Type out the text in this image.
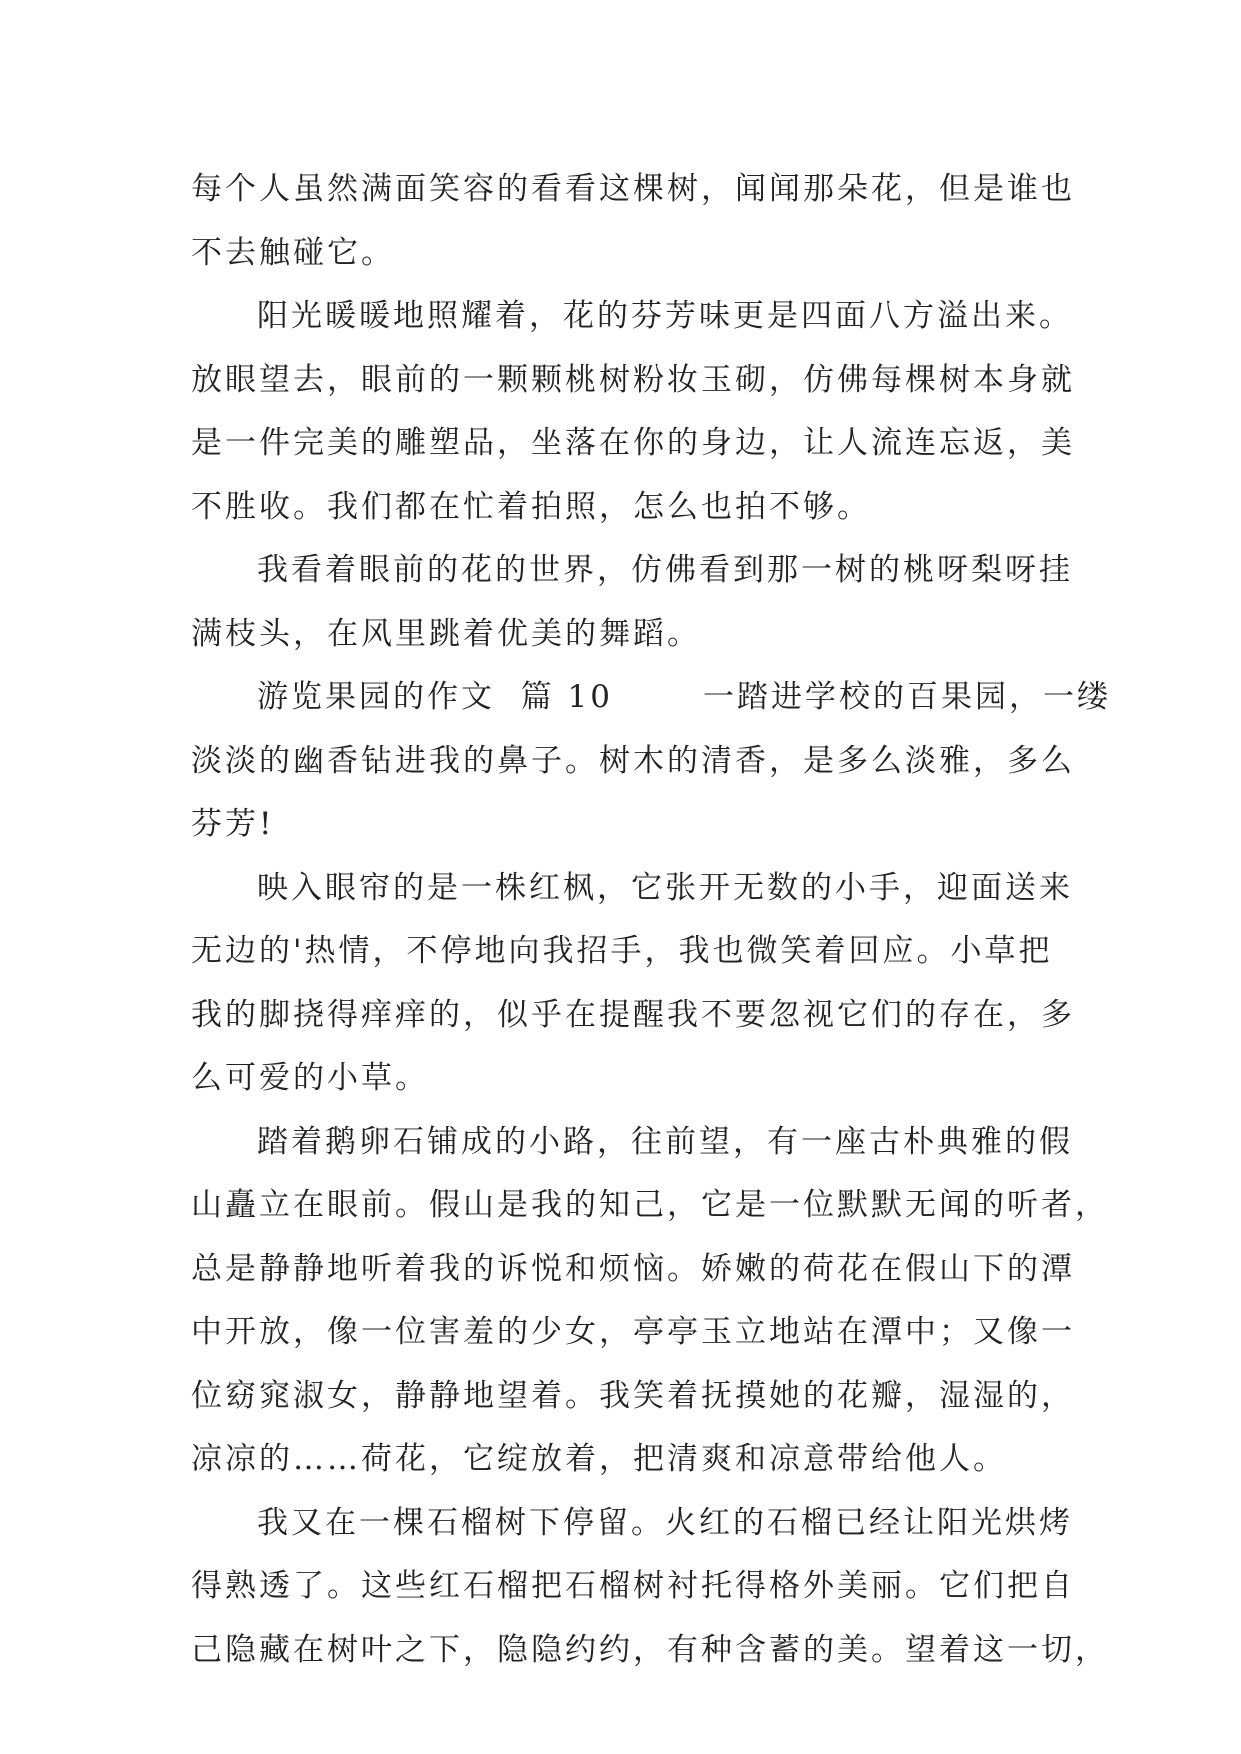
每个人虽然满面笑容的看看这棵树，闻闻那朵花，但是谁也
不去触碰它。
阳光暖暖地照耀着，花的芬芳味更是四面八方溢出来。
放眼望去，眼前的一颗颗桃树粉妆玉砌，仿佛每棵树本身就
是一件完美的雕塑品，坐落在你的身边，让人流连忘返，美
不胜收。我们都在忙着拍照，怎么也拍不够。
我看着眼前的花的世界，仿佛看到那一树的桃呀梨呀挂
满枝头，在风里跳着优美的舞蹈。
游览果园的作文  篇 10       一踏进学校的百果园，一缕
淡淡的幽香钻进我的鼻子。树木的清香，是多么淡雅，多么
芬芳!
映入眼帘的是一株红枫，它张开无数的小手，迎面送来
无边的'热情，不停地向我招手，我也微笑着回应。小草把
我的脚挠得痒痒的，似乎在提醒我不要忽视它们的存在，多
么可爱的小草。
踏着鹅卵石铺成的小路，往前望，有一座古朴典雅的假
山矗立在眼前。假山是我的知己，它是一位默默无闻的听者，
总是静静地听着我的诉悦和烦恼。娇嫩的荷花在假山下的潭
中开放，像一位害羞的少女，亭亭玉立地站在潭中；又像一
位窈窕淑女，静静地望着。我笑着抚摸她的花瓣，湿湿的，
凉凉的……荷花，它绽放着，把清爽和凉意带给他人。
我又在一棵石榴树下停留。火红的石榴已经让阳光烘烤
得熟透了。这些红石榴把石榴树衬托得格外美丽。它们把自
己隐藏在树叶之下，隐隐约约，有种含蓄的美。望着这一切，
